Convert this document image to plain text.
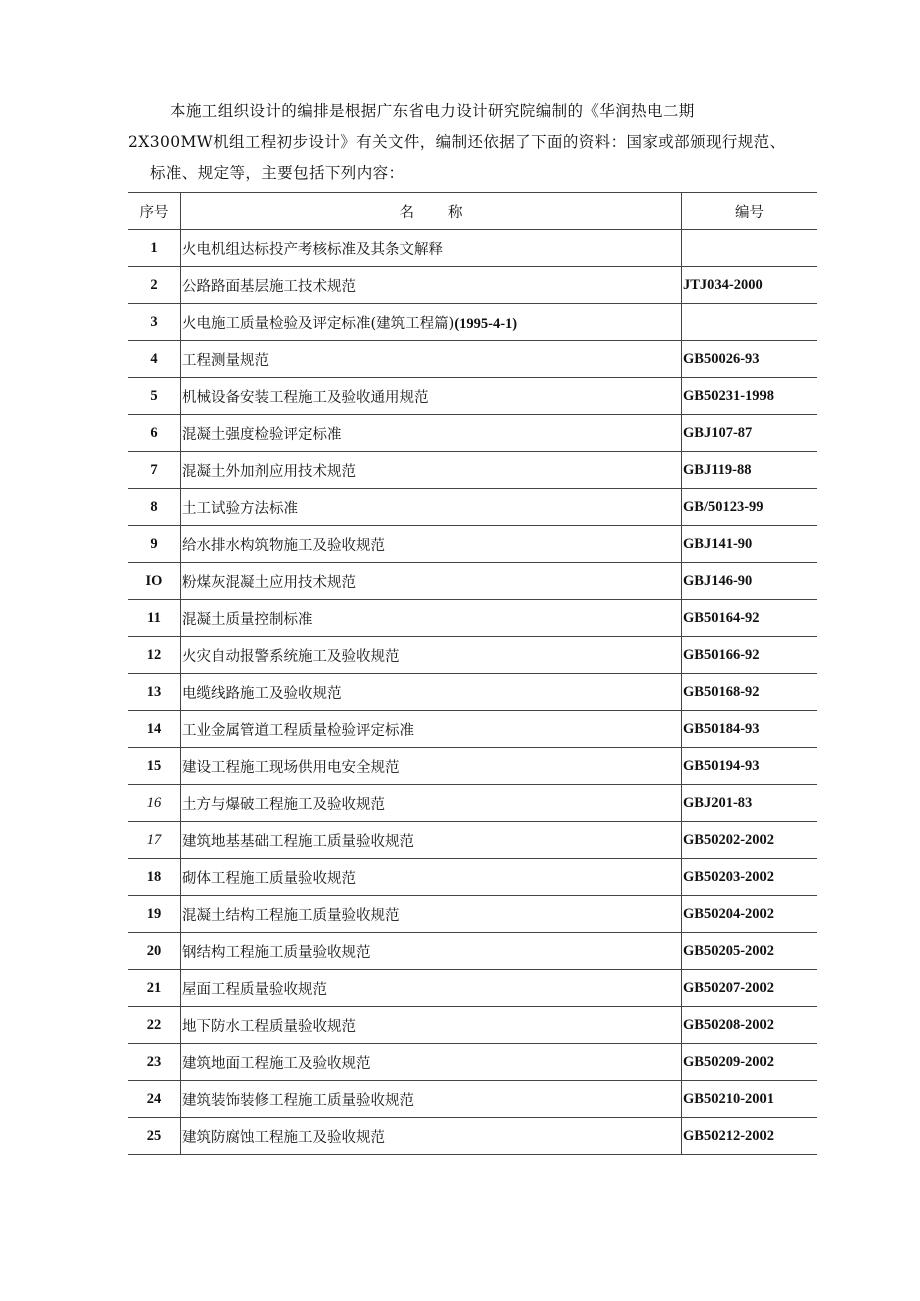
本施工组织设计的编排是根据广东省电力设计研究院编制的《华润热电二期

2X300MW机组工程初步设计》有关文件，编制还依据了下面的资料：国家或部颁现行规范、

标准、规定等，主要包括下列内容：

序号	名称	编号
1	火电机组达标投产考核标准及其条文解释	
2	公路路面基层施工技术规范	JTJ034-2000
3	火电施工质量检验及评定标准(建筑工程篇)(1995-4-1)	
4	工程测量规范	GB50026-93
5	机械设备安装工程施工及验收通用规范	GB50231-1998
6	混凝土强度检验评定标准	GBJ107-87
7	混凝土外加剂应用技术规范	GBJ119-88
8	土工试验方法标准	GB/50123-99
9	给水排水构筑物施工及验收规范	GBJ141-90
IO	粉煤灰混凝土应用技术规范	GBJ146-90
11	混凝土质量控制标准	GB50164-92
12	火灾自动报警系统施工及验收规范	GB50166-92
13	电缆线路施工及验收规范	GB50168-92
14	工业金属管道工程质量检验评定标准	GB50184-93
15	建设工程施工现场供用电安全规范	GB50194-93
16	土方与爆破工程施工及验收规范	GBJ201-83
17	建筑地基基础工程施工质量验收规范	GB50202-2002
18	砌体工程施工质量验收规范	GB50203-2002
19	混凝土结构工程施工质量验收规范	GB50204-2002
20	钢结构工程施工质量验收规范	GB50205-2002
21	屋面工程质量验收规范	GB50207-2002
22	地下防水工程质量验收规范	GB50208-2002
23	建筑地面工程施工及验收规范	GB50209-2002
24	建筑装饰装修工程施工质量验收规范	GB50210-2001
25	建筑防腐蚀工程施工及验收规范	GB50212-2002
